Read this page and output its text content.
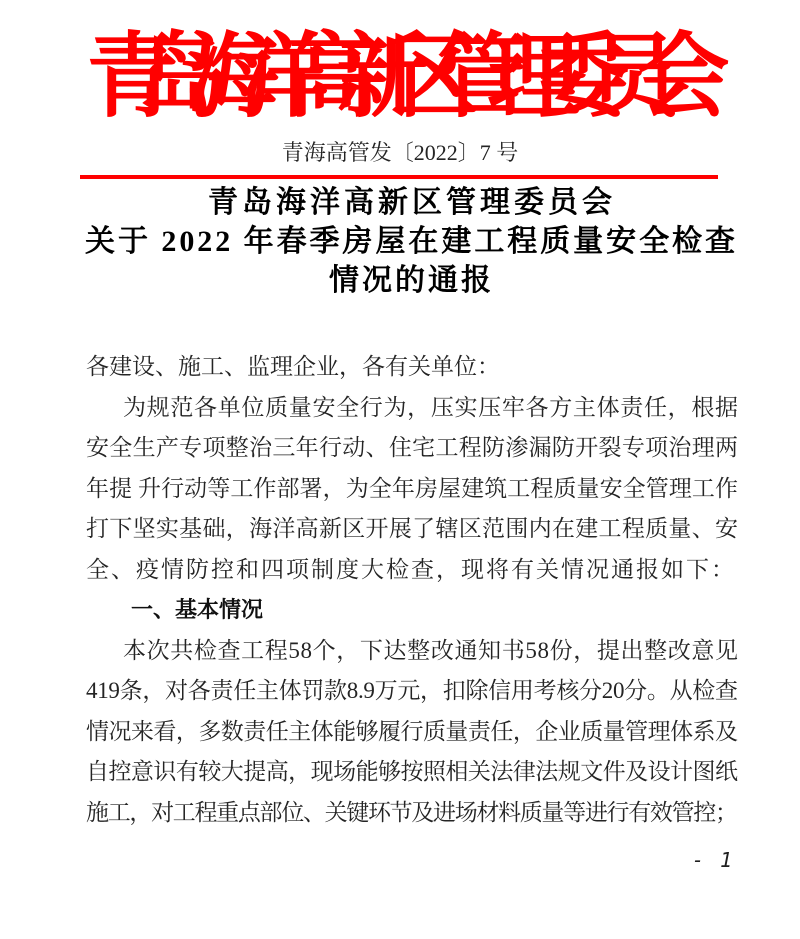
青岛海洋高新区管理委员会
青海高管发〔2022〕7 号
青岛海洋高新区管理委员会
关于 2022 年春季房屋在建工程质量安全检查
情况的通报
各建设、施工、监理企业，各有关单位：
为规范各单位质量安全行为，压实压牢各方主体责任，根据
安全生产专项整治三年行动、住宅工程防渗漏防开裂专项治理两
年提 升行动等工作部署，为全年房屋建筑工程质量安全管理工作
打下坚实基础，海洋高新区开展了辖区范围内在建工程质量、安
全、疫情防控和四项制度大检查，现将有关情况通报如下：
一、基本情况
本次共检查工程58个，下达整改通知书58份，提出整改意见
419条，对各责任主体罚款8.9万元，扣除信用考核分20分。从检查
情况来看，多数责任主体能够履行质量责任，企业质量管理体系及
自控意识有较大提高，现场能够按照相关法律法规文件及设计图纸
施工，对工程重点部位、关键环节及进场材料质量等进行有效管控；
- 1
